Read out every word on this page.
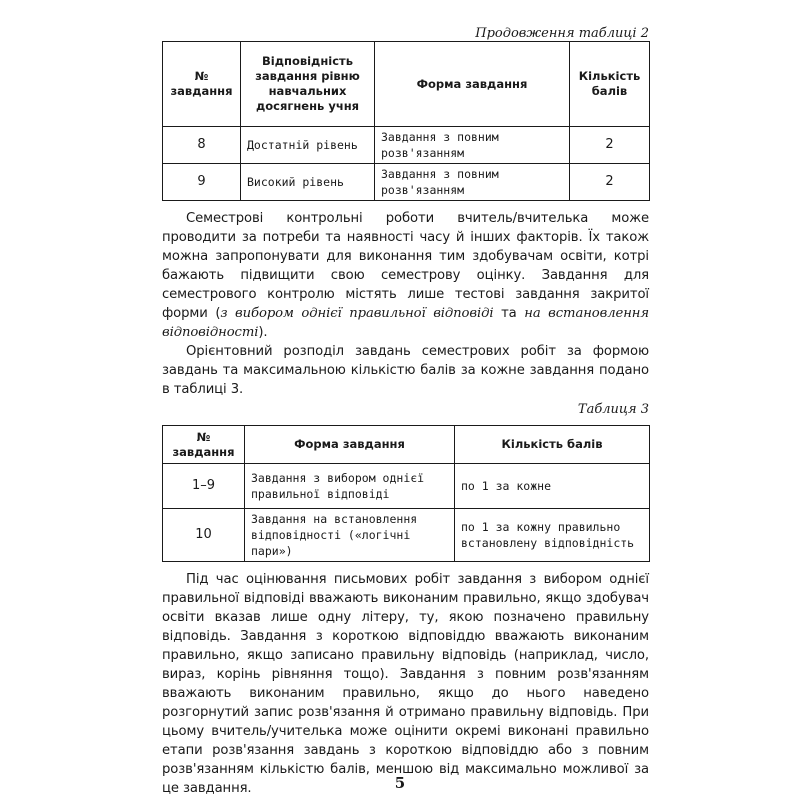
Продовження таблиці 2

№ завдання	Відповідність завдання рівню навчальних досягнень учня	Форма завдання	Кількість балів
8	Достатній рівень	Завдання з повним розв'язанням	2
9	Високий рівень	Завдання з повним розв'язанням	2

Семестрові контрольні роботи вчитель/вчителька може проводити за потреби та наявності часу й інших факторів. Їх також можна запропонувати для виконання тим здобувачам освіти, котрі бажають підвищити свою семестрову оцінку. Завдання для семестрового контролю містять лише тестові завдання закритої форми (з вибором однієї правильної відповіді та на встановлення відповідності).

Орієнтовний розподіл завдань семестрових робіт за формою завдань та максимальною кількістю балів за кожне завдання подано в таблиці 3.

Таблиця 3

№ завдання	Форма завдання	Кількість балів
1–9	Завдання з вибором однієї правильної відповіді	по 1 за кожне
10	Завдання на встановлення відповідності («логічні пари»)	по 1 за кожну правильно встановлену відповідність

Під час оцінювання письмових робіт завдання з вибором однієї правильної відповіді вважають виконаним правильно, якщо здобувач освіти вказав лише одну літеру, ту, якою позначено правильну відповідь. Завдання з короткою відповіддю вважають виконаним правильно, якщо записано правильну відповідь (наприклад, число, вираз, корінь рівняння тощо). Завдання з повним розв'язанням вважають виконаним правильно, якщо до нього наведено розгорнутий запис розв'язання й отримано правильну відповідь. При цьому вчитель/учителька може оцінити окремі виконані правильно етапи розв'язання завдань з короткою відповіддю або з повним розв'язанням кількістю балів, меншою від максимально можливої за це завдання.	5
